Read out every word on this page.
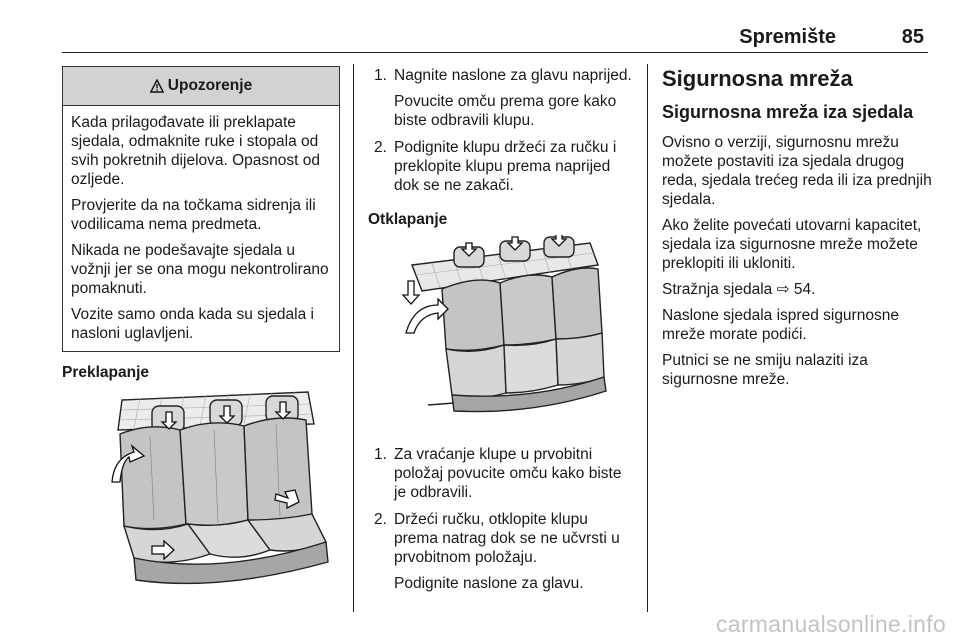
Spremište	85
Upozorenje

Kada prilagođavate ili preklapate sjedala, odmaknite ruke i stopala od svih pokretnih dijelova. Opasnost od ozljede.

Provjerite da na točkama sidrenja ili vodilicama nema predmeta.

Nikada ne podešavajte sjedala u vožnji jer se ona mogu nekontrolirano pomaknuti.

Vozite samo onda kada su sjedala i nasloni uglavljeni.

Preklapanje
1. Nagnite naslone za glavu naprijed.
Povucite omču prema gore kako biste odbravili klupu.
2. Podignite klupu držeći za ručku i preklopite klupu prema naprijed dok se ne zakači.
Otklapanje
1. Za vraćanje klupe u prvobitni položaj povucite omču kako biste je odbravili.
2. Držeći ručku, otklopite klupu prema natrag dok se ne učvrsti u prvobitnom položaju.
Podignite naslone za glavu.
Sigurnosna mreža
Sigurnosna mreža iza sjedala

Ovisno o verziji, sigurnosnu mrežu možete postaviti iza sjedala drugog reda, sjedala trećeg reda ili iza prednjih sjedala.

Ako želite povećati utovarni kapacitet, sjedala iza sigurnosne mreže možete preklopiti ili ukloniti.

Stražnja sjedala ⇨ 54.

Naslone sjedala ispred sigurnosne mreže morate podići.

Putnici se ne smiju nalaziti iza sigurnosne mreže.

carmanualsonline.info
